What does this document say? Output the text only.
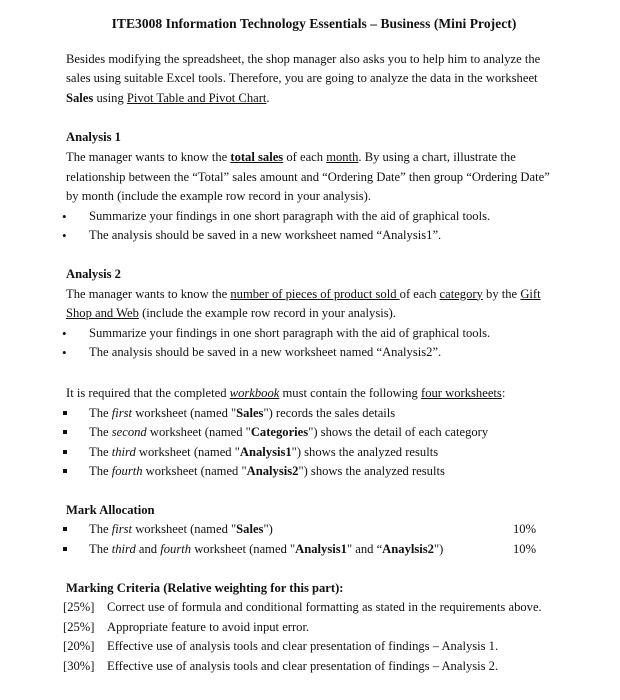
ITE3008 Information Technology Essentials – Business (Mini Project)

Besides modifying the spreadsheet, the shop manager also asks you to help him to analyze the sales using suitable Excel tools. Therefore, you are going to analyze the data in the worksheet Sales using Pivot Table and Pivot Chart.

Analysis 1

The manager wants to know the total sales of each month. By using a chart, illustrate the relationship between the “Total” sales amount and “Ordering Date” then group “Ordering Date” by month (include the example row record in your analysis).

• Summarize your findings in one short paragraph with the aid of graphical tools.
• The analysis should be saved in a new worksheet named “Analysis1”.

Analysis 2

The manager wants to know the number of pieces of product sold of each category by the Gift Shop and Web (include the example row record in your analysis).

• Summarize your findings in one short paragraph with the aid of graphical tools.
• The analysis should be saved in a new worksheet named “Analysis2”.

It is required that the completed workbook must contain the following four worksheets:

The first worksheet (named "Sales") records the sales details
The second worksheet (named "Categories") shows the detail of each category
The third worksheet (named "Analysis1") shows the analyzed results
The fourth worksheet (named "Analysis2") shows the analyzed results

Mark Allocation

The first worksheet (named "Sales")	10%
The third and fourth worksheet (named "Analysis1" and “Anaylsis2")	10%

Marking Criteria (Relative weighting for this part):

[25%] Correct use of formula and conditional formatting as stated in the requirements above.
[25%] Appropriate feature to avoid input error.
[20%] Effective use of analysis tools and clear presentation of findings – Analysis 1.
[30%] Effective use of analysis tools and clear presentation of findings – Analysis 2.
